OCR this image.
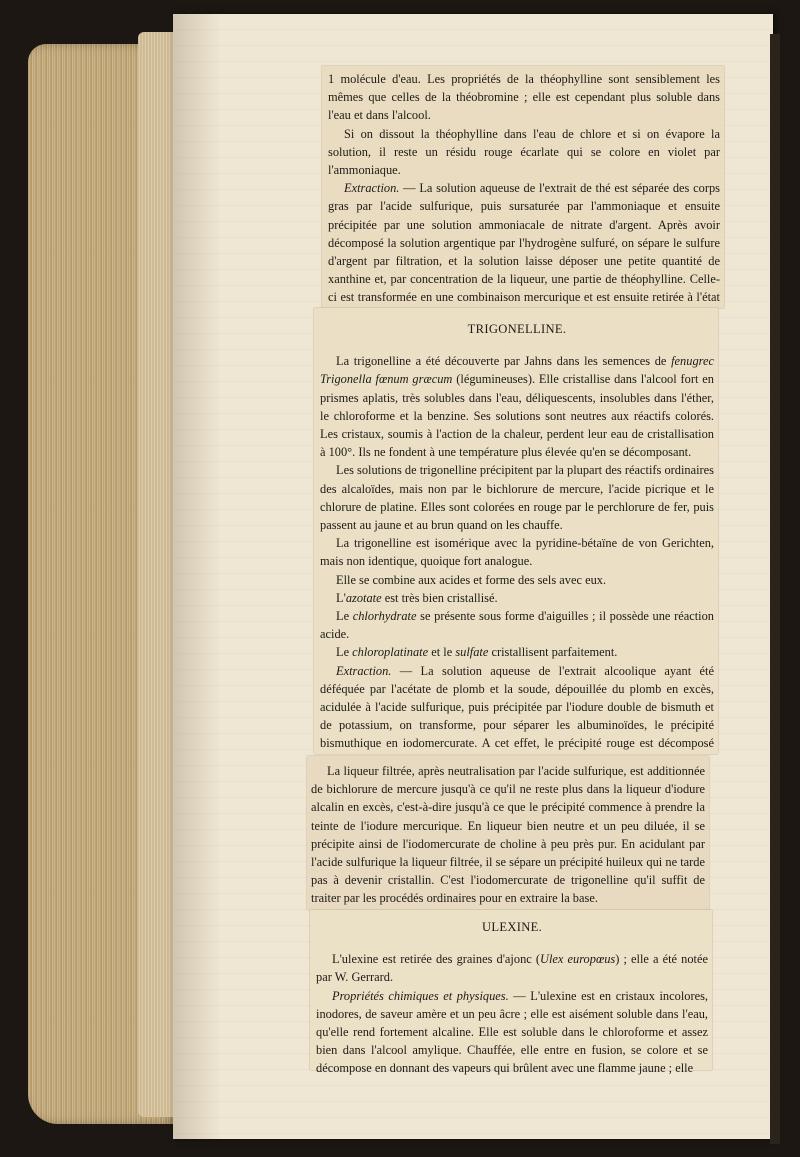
1 molécule d'eau. Les propriétés de la théophylline sont sensiblement les mêmes que celles de la théobromine ; elle est cependant plus soluble dans l'eau et dans l'alcool.

Si on dissout la théophylline dans l'eau de chlore et si on évapore la solution, il reste un résidu rouge écarlate qui se colore en violet par l'ammoniaque.

Extraction. — La solution aqueuse de l'extrait de thé est séparée des corps gras par l'acide sulfurique, puis sursaturée par l'ammoniaque et ensuite précipitée par une solution ammoniacale de nitrate d'argent. Après avoir décomposé la solution argentique par l'hydrogène sulfuré, on sépare le sulfure d'argent par filtration, et la solution laisse déposer une petite quantité de xanthine et, par concentration de la liqueur, une partie de théophylline. Celle-ci est transformée en une combinaison mercurique et est ensuite retirée à l'état

TRIGONELLINE.

La trigonelline a été découverte par Jahns dans les semences de fenugrec Trigonella fœnum græcum (légumineuses). Elle cristallise dans l'alcool fort en prismes aplatis, très solubles dans l'eau, déliquescents, insolubles dans l'éther, le chloroforme et la benzine. Ses solutions sont neutres aux réactifs colorés. Les cristaux, soumis à l'action de la chaleur, perdent leur eau de cristallisation à 100°. Ils ne fondent à une température plus élevée qu'en se décomposant.

Les solutions de trigonelline précipitent par la plupart des réactifs ordinaires des alcaloïdes, mais non par le bichlorure de mercure, l'acide picrique et le chlorure de platine. Elles sont colorées en rouge par le perchlorure de fer, puis passent au jaune et au brun quand on les chauffe.

La trigonelline est isomérique avec la pyridine-bétaïne de von Gerichten, mais non identique, quoique fort analogue.

Elle se combine aux acides et forme des sels avec eux.

L'azotate est très bien cristallisé.

Le chlorhydrate se présente sous forme d'aiguilles ; il possède une réaction acide.

Le chloroplatinate et le sulfate cristallisent parfaitement.

Extraction. — La solution aqueuse de l'extrait alcoolique ayant été déféquée par l'acétate de plomb et la soude, dépouillée du plomb en excès, acidulée à l'acide sulfurique, puis précipitée par l'iodure double de bismuth et de potassium, on transforme, pour séparer les albuminoïdes, le précipité bismuthique en iodomercurate. A cet effet, le précipité rouge est décomposé

La liqueur filtrée, après neutralisation par l'acide sulfurique, est additionnée de bichlorure de mercure jusqu'à ce qu'il ne reste plus dans la liqueur d'iodure alcalin en excès, c'est-à-dire jusqu'à ce que le précipité commence à prendre la teinte de l'iodure mercurique. En liqueur bien neutre et un peu diluée, il se précipite ainsi de l'iodomercurate de choline à peu près pur. En acidulant par l'acide sulfurique la liqueur filtrée, il se sépare un précipité huileux qui ne tarde pas à devenir cristallin. C'est l'iodomercurate de trigonelline qu'il suffit de traiter par les procédés ordinaires pour en extraire la base.

ULEXINE.

L'ulexine est retirée des graines d'ajonc (Ulex europœus) ; elle a été notée par W. Gerrard.

Propriétés chimiques et physiques. — L'ulexine est en cristaux incolores, inodores, de saveur amère et un peu âcre ; elle est aisément soluble dans l'eau, qu'elle rend fortement alcaline. Elle est soluble dans le chloroforme et assez bien dans l'alcool amylique. Chauffée, elle entre en fusion, se colore et se décompose en donnant des vapeurs qui brûlent avec une flamme jaune ; elle
